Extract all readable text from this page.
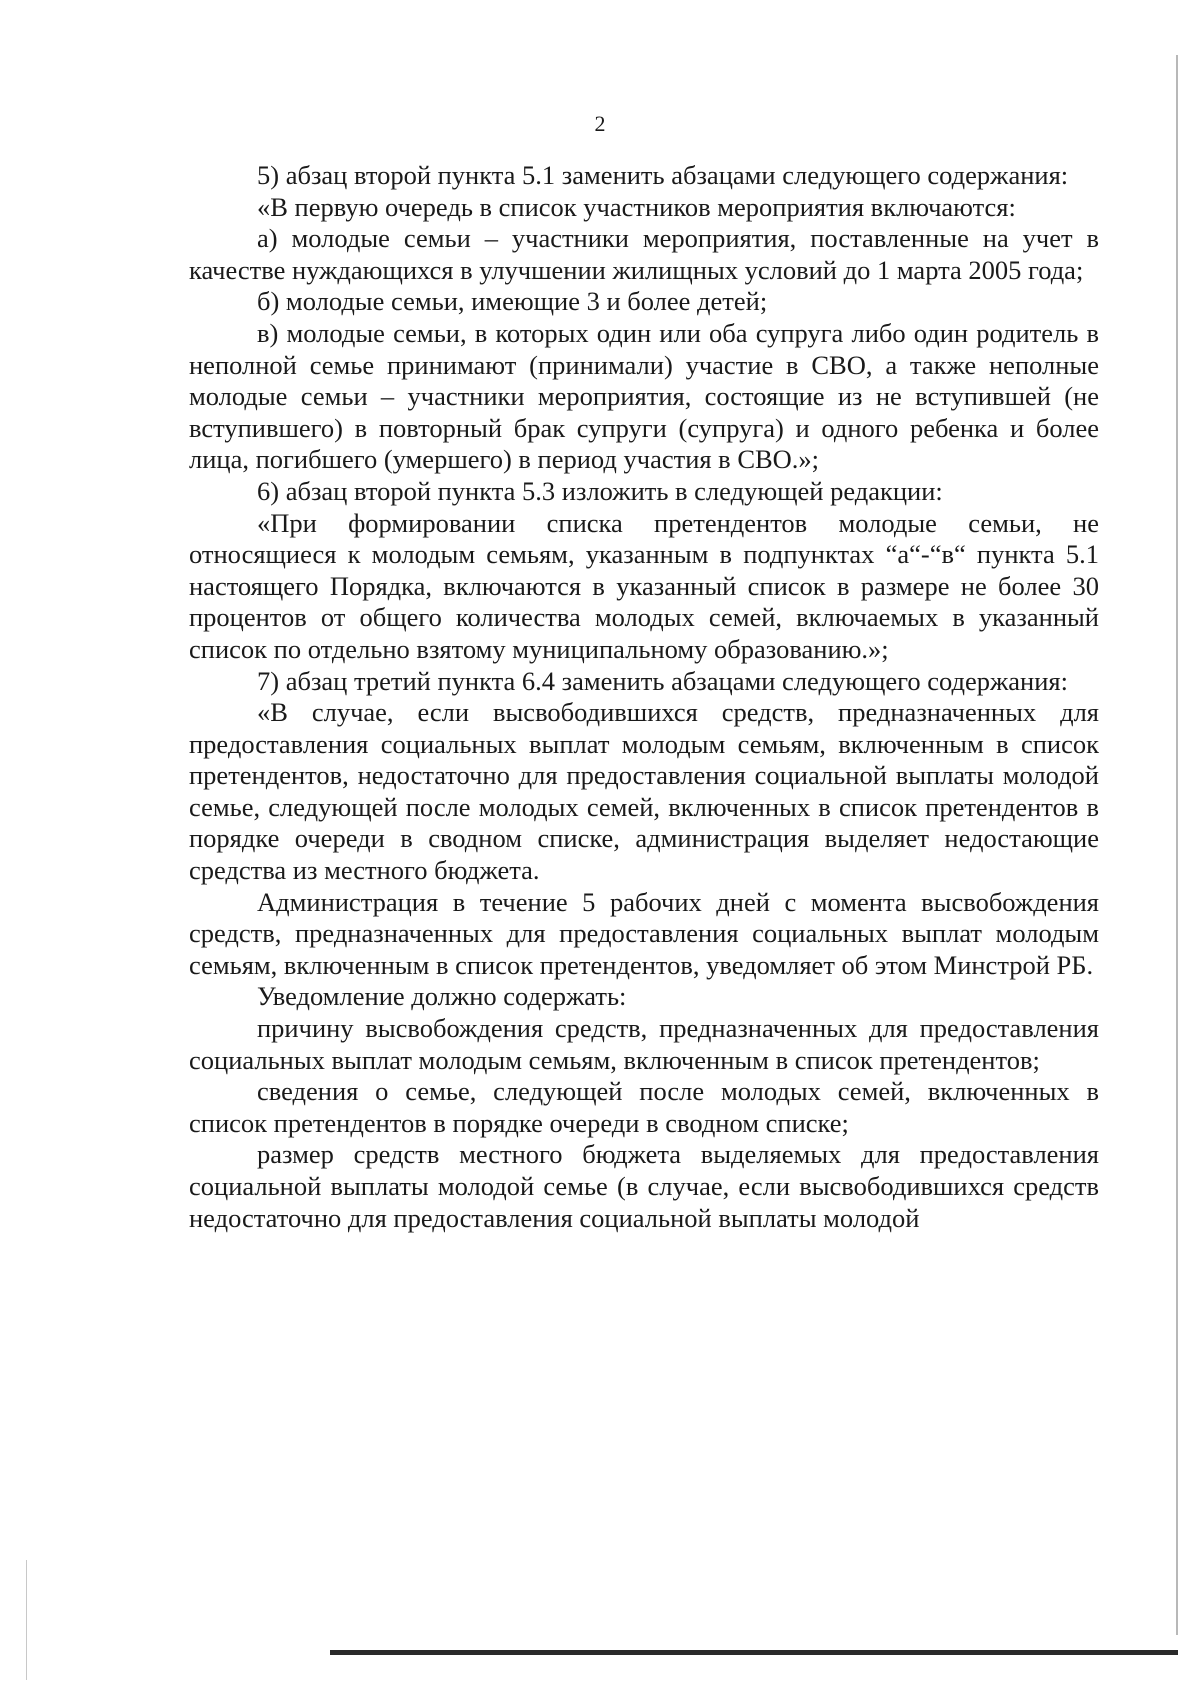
2

5) абзац второй пункта 5.1 заменить абзацами следующего содержания:

«В первую очередь в список участников мероприятия включаются:

а) молодые семьи – участники мероприятия, поставленные на учет в качестве нуждающихся в улучшении жилищных условий до 1 марта 2005 года;

б) молодые семьи, имеющие 3 и более детей;

в) молодые семьи, в которых один или оба супруга либо один родитель в неполной семье принимают (принимали) участие в СВО, а также неполные молодые семьи – участники мероприятия, состоящие из не вступившей (не вступившего) в повторный брак супруги (супруга) и одного ребенка и более лица, погибшего (умершего) в период участия в СВО.»;

6) абзац второй пункта 5.3 изложить в следующей редакции:

«При формировании списка претендентов молодые семьи, не относящиеся к молодым семьям, указанным в подпунктах “а“-“в“ пункта 5.1 настоящего Порядка, включаются в указанный список в размере не более 30 процентов от общего количества молодых семей, включаемых в указанный список по отдельно взятому муниципальному образованию.»;

7) абзац третий пункта 6.4 заменить абзацами следующего содержания:

«В случае, если высвободившихся средств, предназначенных для предоставления социальных выплат молодым семьям, включенным в список претендентов, недостаточно для предоставления социальной выплаты молодой семье, следующей после молодых семей, включенных в список претендентов в порядке очереди в сводном списке, администрация выделяет недостающие средства из местного бюджета.

Администрация в течение 5 рабочих дней с момента высвобождения средств, предназначенных для предоставления социальных выплат молодым семьям, включенным в список претендентов, уведомляет об этом Минстрой РБ.

Уведомление должно содержать:

причину высвобождения средств, предназначенных для предоставления социальных выплат молодым семьям, включенным в список претендентов;

сведения о семье, следующей после молодых семей, включенных в список претендентов в порядке очереди в сводном списке;

размер средств местного бюджета выделяемых для предоставления социальной выплаты молодой семье (в случае, если высвободившихся средств недостаточно для предоставления социальной выплаты молодой
